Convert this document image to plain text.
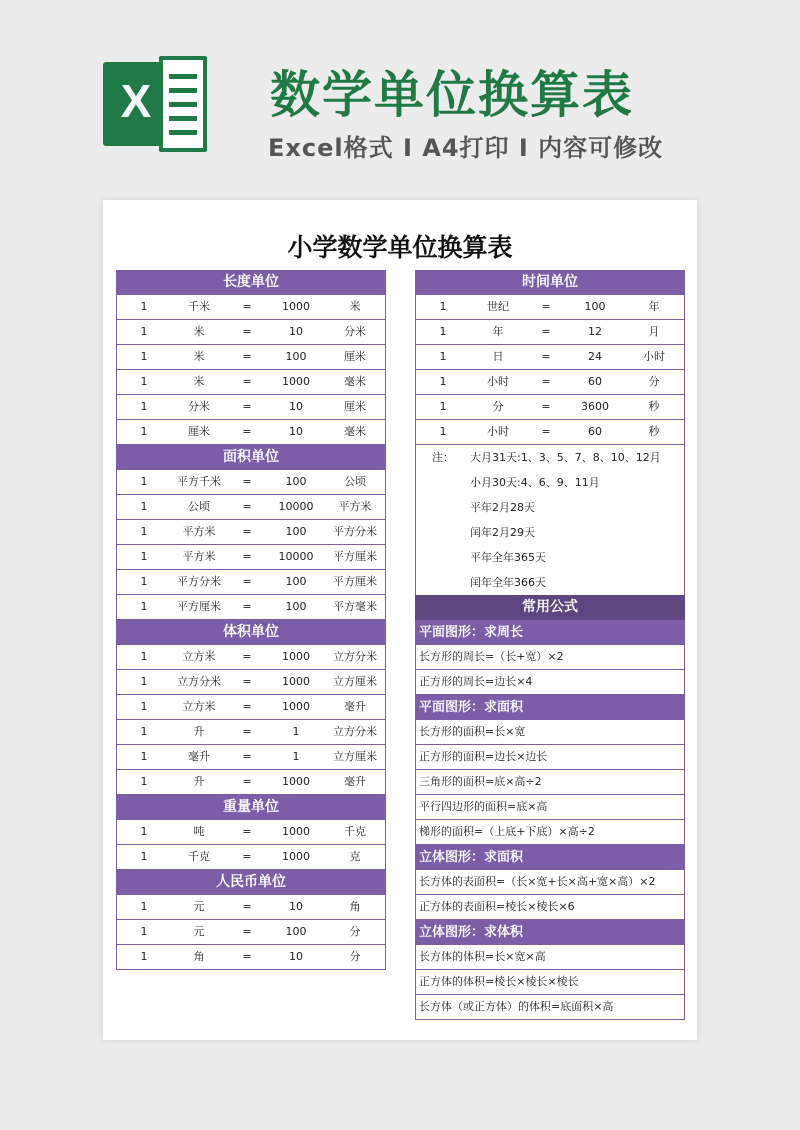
X	数学单位换算表
Excel格式 I A4打印 I 内容可修改
小学数学单位换算表
长度单位
1	千米	=	1000	米
1	米	=	10	分米
1	米	=	100	厘米
1	米	=	1000	毫米
1	分米	=	10	厘米
1	厘米	=	10	毫米
面积单位
1	平方千米	=	100	公顷
1	公顷	=	10000	平方米
1	平方米	=	100	平方分米
1	平方米	=	10000	平方厘米
1	平方分米	=	100	平方厘米
1	平方厘米	=	100	平方毫米
体积单位
1	立方米	=	1000	立方分米
1	立方分米	=	1000	立方厘米
1	立方米	=	1000	毫升
1	升	=	1	立方分米
1	毫升	=	1	立方厘米
1	升	=	1000	毫升
重量单位
1	吨	=	1000	千克
1	千克	=	1000	克
人民币单位
1	元	=	10	角
1	元	=	100	分
1	角	=	10	分
时间单位
1	世纪	=	100	年
1	年	=	12	月
1	日	=	24	小时
1	小时	=	60	分
1	分	=	3600	秒
1	小时	=	60	秒
注：	大月31天:1、3、5、7、8、10、12月
小月30天:4、6、9、11月
平年2月28天
闰年2月29天
平年全年365天
闰年全年366天
常用公式
平面图形：求周长
长方形的周长=（长+宽）×2
正方形的周长=边长×4
平面图形：求面积
长方形的面积=长×宽
正方形的面积=边长×边长
三角形的面积=底×高÷2
平行四边形的面积=底×高
梯形的面积=（上底+下底）×高÷2
立体图形：求面积
长方体的表面积=（长×宽+长×高+宽×高）×2
正方体的表面积=棱长×棱长×6
立体图形：求体积
长方体的体积=长×宽×高
正方体的体积=棱长×棱长×棱长
长方体（或正方体）的体积=底面积×高
